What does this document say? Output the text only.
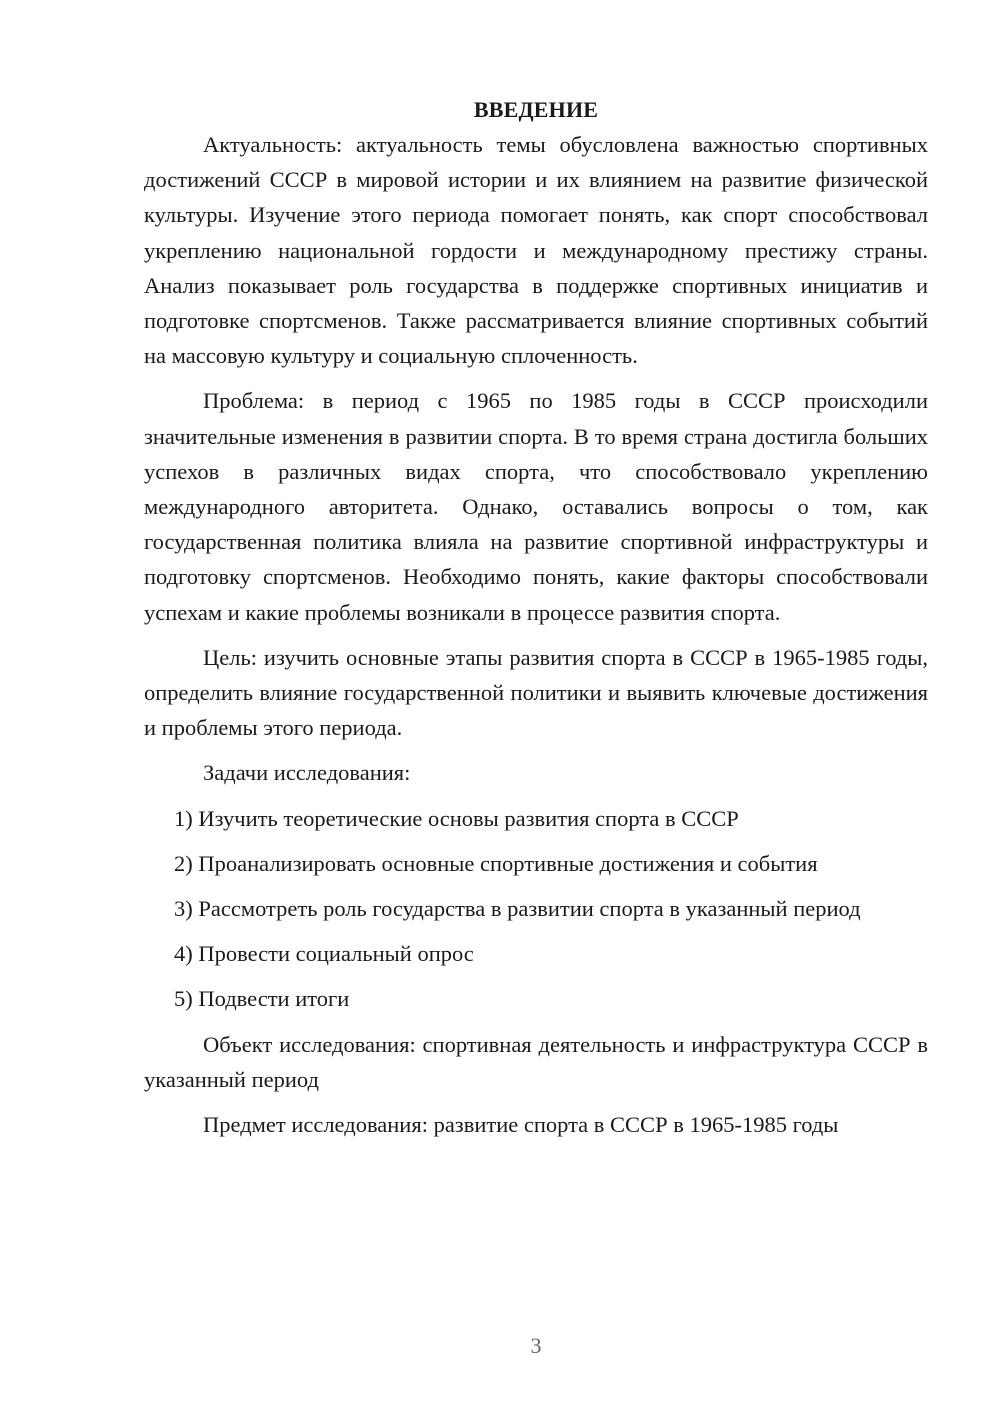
ВВЕДЕНИЕ

Актуальность: актуальность темы обусловлена важностью спортивных достижений СССР в мировой истории и их влиянием на развитие физической культуры. Изучение этого периода помогает понять, как спорт способствовал укреплению национальной гордости и международному престижу страны. Анализ показывает роль государства в поддержке спортивных инициатив и подготовке спортсменов. Также рассматривается влияние спортивных событий на массовую культуру и социальную сплоченность.

Проблема: в период с 1965 по 1985 годы в СССР происходили значительные изменения в развитии спорта. В то время страна достигла больших успехов в различных видах спорта, что способствовало укреплению международного авторитета. Однако, оставались вопросы о том, как государственная политика влияла на развитие спортивной инфраструктуры и подготовку спортсменов. Необходимо понять, какие факторы способствовали успехам и какие проблемы возникали в процессе развития спорта.

Цель: изучить основные этапы развития спорта в СССР в 1965-1985 годы, определить влияние государственной политики и выявить ключевые достижения и проблемы этого периода.

Задачи исследования:

1) Изучить теоретические основы развития спорта в СССР

2) Проанализировать основные спортивные достижения и события

3) Рассмотреть роль государства в развитии спорта в указанный период

4) Провести социальный опрос

5) Подвести итоги

Объект исследования: спортивная деятельность и инфраструктура СССР в указанный период

Предмет исследования: развитие спорта в СССР в 1965-1985 годы

3
